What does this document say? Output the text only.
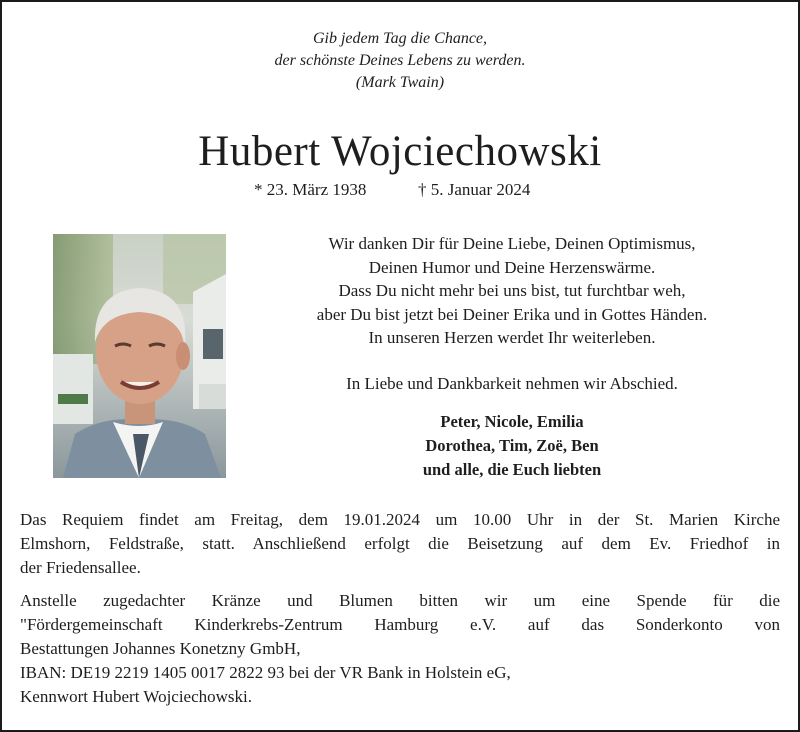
Gib jedem Tag die Chance,
der schönste Deines Lebens zu werden.
(Mark Twain)
Hubert Wojciechowski
* 23. März 1938	† 5. Januar 2024
Wir danken Dir für Deine Liebe, Deinen Optimismus,
Deinen Humor und Deine Herzenswärme.
Dass Du nicht mehr bei uns bist, tut furchtbar weh,
aber Du bist jetzt bei Deiner Erika und in Gottes Händen.
In unseren Herzen werdet Ihr weiterleben.
In Liebe und Dankbarkeit nehmen wir Abschied.
Peter, Nicole, Emilia
Dorothea, Tim, Zoë, Ben
und alle, die Euch liebten
Das Requiem findet am Freitag, dem 19.01.2024 um 10.00 Uhr in der St. Marien Kirche
Elmshorn, Feldstraße, statt. Anschließend erfolgt die Beisetzung auf dem Ev. Friedhof in
der Friedensallee.
Anstelle zugedachter Kränze und Blumen bitten wir um eine Spende für die
"Fördergemeinschaft Kinderkrebs-Zentrum Hamburg e.V. auf das Sonderkonto von
Bestattungen Johannes Konetzny GmbH,
IBAN: DE19 2219 1405 0017 2822 93 bei der VR Bank in Holstein eG,
Kennwort Hubert Wojciechowski.
